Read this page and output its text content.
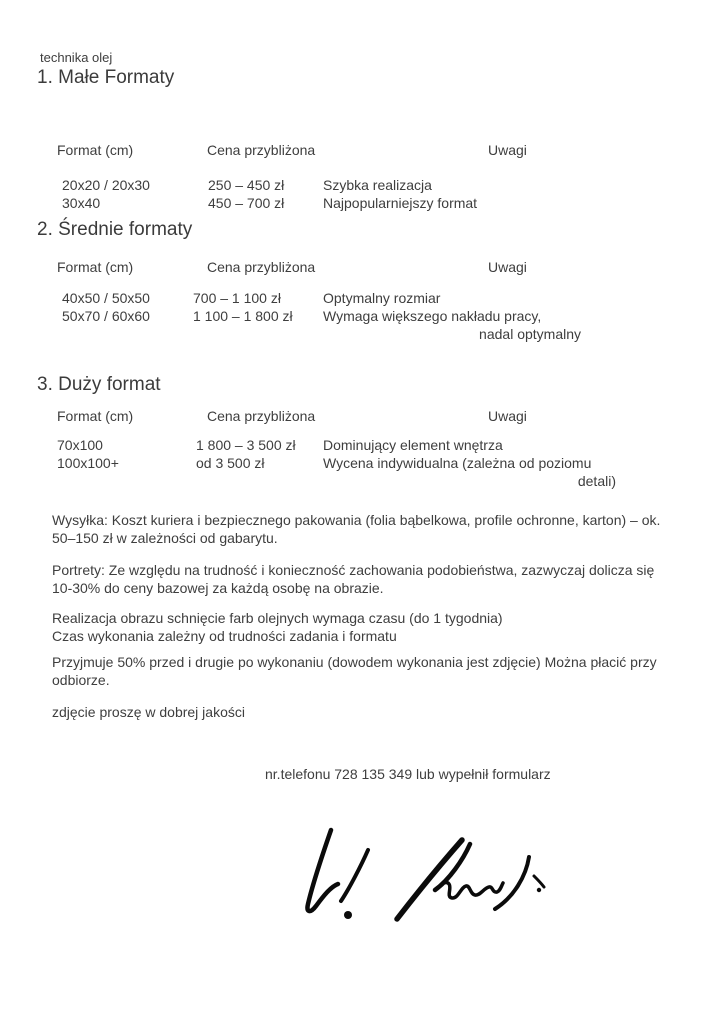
technika olej
1. Małe Formaty
Format (cm)	Cena przybliżona	Uwagi
20x20 / 20x30	250 – 450 zł	Szybka realizacja
30x40	450 – 700 zł	Najpopularniejszy format
2. Średnie formaty
Format (cm)	Cena przybliżona	Uwagi
40x50 / 50x50	700 – 1 100 zł	Optymalny rozmiar
50x70 / 60x60	1 100 – 1 800 zł Wymaga większego nakładu pracy,
nadal optymalny
3. Duży format
Format (cm)	Cena przybliżona	Uwagi
70x100	1 800 – 3 500 zł Dominujący element wnętrza
100x100+	od 3 500 zł	Wycena indywidualna (zależna od poziomu
detali)
Wysyłka: Koszt kuriera i bezpiecznego pakowania (folia bąbelkowa, profile ochronne, karton) – ok.
50–150 zł w zależności od gabarytu.
Portrety: Ze względu na trudność i konieczność zachowania podobieństwa, zazwyczaj dolicza się
10-30% do ceny bazowej za każdą osobę na obrazie.
Realizacja obrazu schnięcie farb olejnych wymaga czasu (do 1 tygodnia)
Czas wykonania zależny od trudności zadania i formatu
Przyjmuje 50% przed i drugie po wykonaniu (dowodem wykonania jest zdjęcie) Można płacić przy
odbiorze.
zdjęcie proszę w dobrej jakości
nr.telefonu 728 135 349 lub wypełnił formularz
